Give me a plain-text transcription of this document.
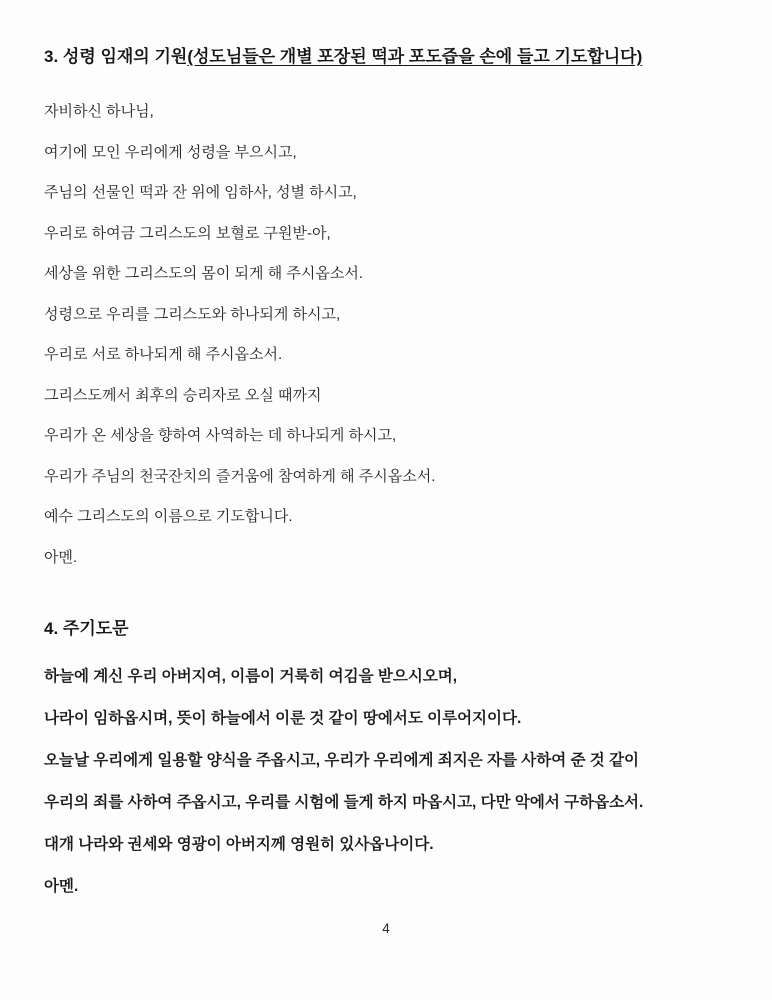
3. 성령 임재의 기원(성도님들은 개별 포장된 떡과 포도즙을 손에 들고 기도합니다)

자비하신 하나님,

여기에 모인 우리에게 성령을 부으시고,

주님의 선물인 떡과 잔 위에 임하사, 성별 하시고,

우리로 하여금 그리스도의 보혈로 구원받-아,

세상을 위한 그리스도의 몸이 되게 해 주시옵소서.

성령으로 우리를 그리스도와 하나되게 하시고,

우리로 서로 하나되게 해 주시옵소서.

그리스도께서 최후의 승리자로 오실 때까지

우리가 온 세상을 향하여 사역하는 데 하나되게 하시고,

우리가 주님의 천국잔치의 즐거움에 참여하게 해 주시옵소서.

예수 그리스도의 이름으로 기도합니다.

아멘.

4. 주기도문

하늘에 계신 우리 아버지여, 이름이 거룩히 여김을 받으시오며,

나라이 임하옵시며, 뜻이 하늘에서 이룬 것 같이 땅에서도 이루어지이다.

오늘날 우리에게 일용할 양식을 주옵시고, 우리가 우리에게 죄지은 자를 사하여 준 것 같이

우리의 죄를 사하여 주옵시고, 우리를 시험에 들게 하지 마옵시고, 다만 악에서 구하옵소서.

대개 나라와 권세와 영광이 아버지께 영원히 있사옵나이다.

아멘.

4
